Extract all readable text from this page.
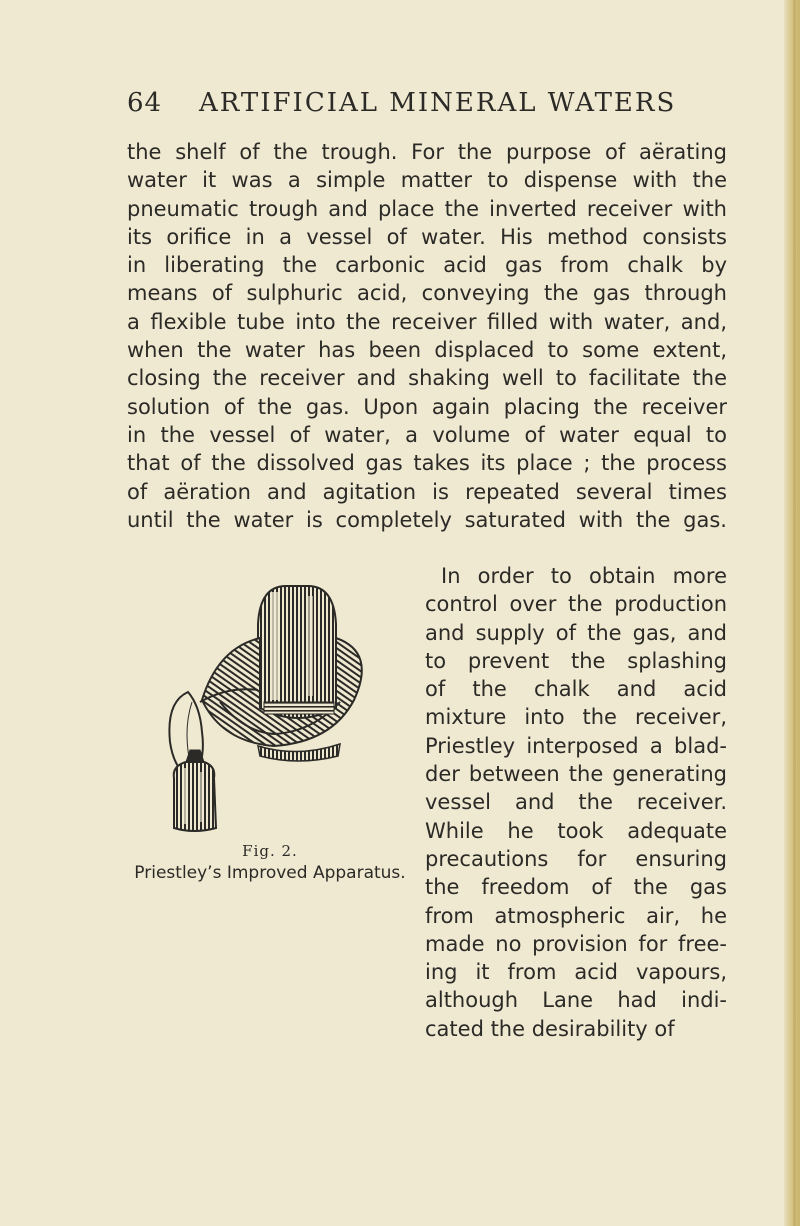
64 ARTIFICIAL MINERAL WATERS
the shelf of the trough. For the purpose of aërating
water it was a simple matter to dispense with the
pneumatic trough and place the inverted receiver with
its orifice in a vessel of water. His method consists
in liberating the carbonic acid gas from chalk by
means of sulphuric acid, conveying the gas through
a flexible tube into the receiver filled with water, and,
when the water has been displaced to some extent,
closing the receiver and shaking well to facilitate the
solution of the gas. Upon again placing the receiver
in the vessel of water, a volume of water equal to
that of the dissolved gas takes its place ; the process
of aëration and agitation is repeated several times
until the water is completely saturated with the gas.
In order to obtain more
control over the production
and supply of the gas, and
to prevent the splashing
of the chalk and acid
mixture into the receiver,
Priestley interposed a blad-
der between the generating
vessel and the receiver.
While he took adequate
precautions for ensuring
the freedom of the gas
from atmospheric air, he
made no provision for free-
ing it from acid vapours,
although Lane had indi-
cated the desirability of
Fig. 2.
Priestley’s Improved Apparatus.
